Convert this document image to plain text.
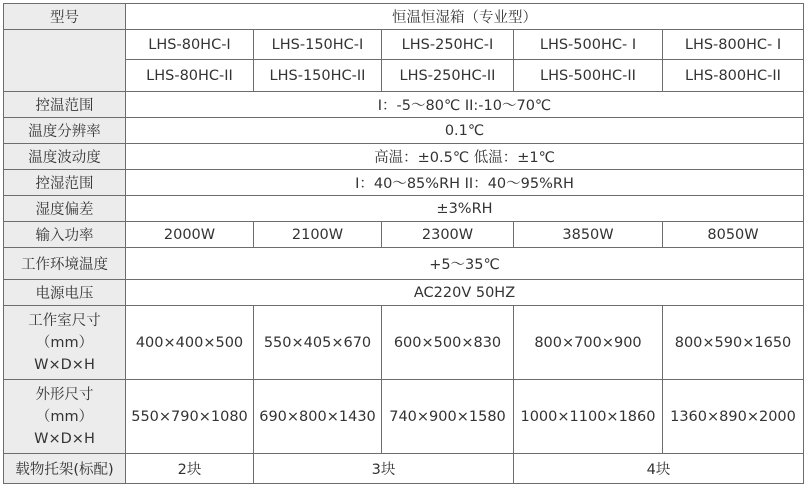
型号	恒温恒湿箱（专业型）				
	LHS-80HC-I	LHS-150HC-I	LHS-250HC-I	LHS-500HC- I	LHS-800HC- I
	LHS-80HC-II	LHS-150HC-II	LHS-250HC-II	LHS-500HC-II	LHS-800HC-II
控温范围	I：-5～80℃ II:-10～70℃				
温度分辨率	0.1℃				
温度波动度	高温：±0.5℃ 低温：±1℃				
控湿范围	I：40～85%RH II：40～95%RH				
湿度偏差	±3%RH				
输入功率	2000W	2100W	2300W	3850W	8050W
工作环境温度	+5～35℃				
电源电压	AC220V 50HZ				

工作室尺寸
（mm）
W×D×H	400×400×500	550×405×670	600×500×830	800×700×900	800×590×1650

外形尺寸
（mm）
W×D×H	550×790×1080	690×800×1430	740×900×1580	1000×1100×1860	1360×890×2000
载物托架(标配)	2块	3块		4块	
